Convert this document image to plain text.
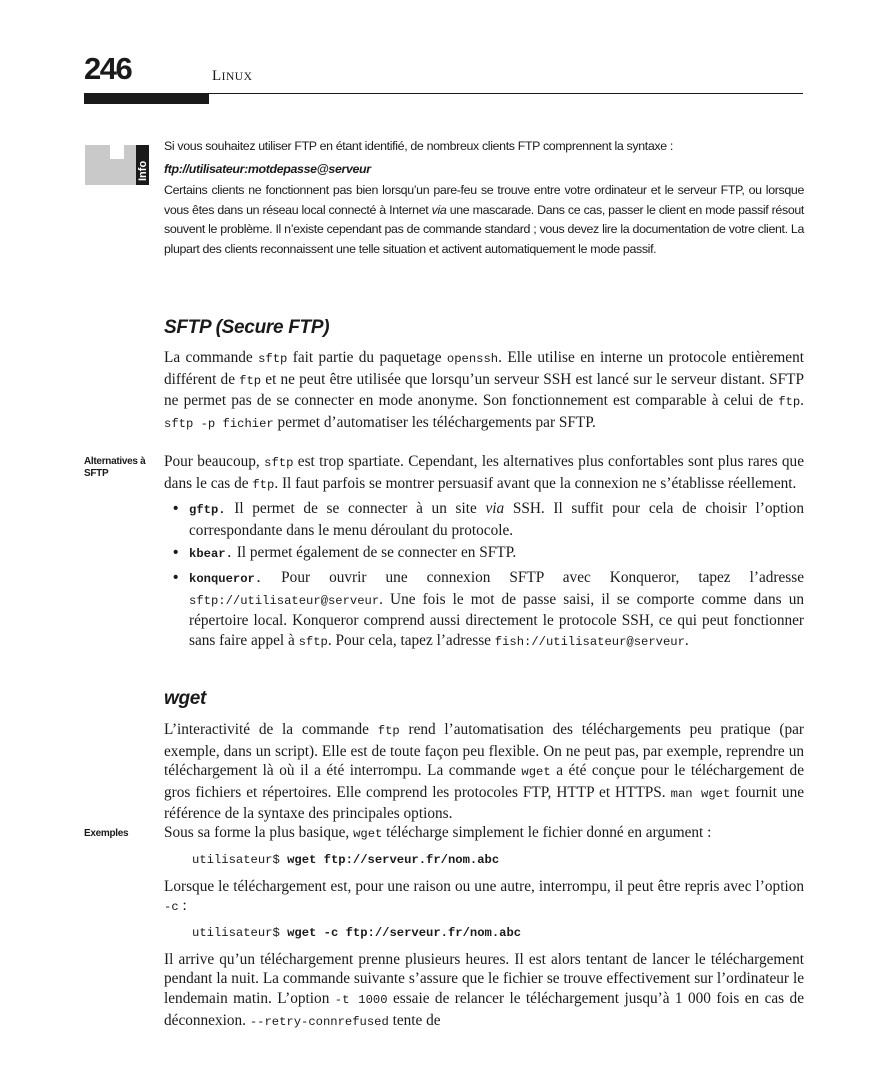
246	LINUX
Info

Si vous souhaitez utiliser FTP en étant identifié, de nombreux clients FTP comprennent la syntaxe :

ftp://utilisateur:motdepasse@serveur

Certains clients ne fonctionnent pas bien lorsqu’un pare-feu se trouve entre votre ordinateur et le serveur FTP, ou lorsque vous êtes dans un réseau local connecté à Internet via une mascarade. Dans ce cas, passer le client en mode passif résout souvent le problème. Il n’existe cependant pas de commande standard ; vous devez lire la documentation de votre client. La plupart des clients reconnaissent une telle situation et activent automatiquement le mode passif.

SFTP (Secure FTP)

La commande sftp fait partie du paquetage openssh. Elle utilise en interne un protocole entièrement différent de ftp et ne peut être utilisée que lorsqu’un serveur SSH est lancé sur le serveur distant. SFTP ne permet pas de se connecter en mode anonyme. Son fonctionnement est comparable à celui de ftp. sftp -p fichier permet d’automatiser les téléchargements par SFTP.

Alternatives à SFTP

Pour beaucoup, sftp est trop spartiate. Cependant, les alternatives plus confortables sont plus rares que dans le cas de ftp. Il faut parfois se montrer persuasif avant que la connexion ne s’établisse réellement.

• gftp. Il permet de se connecter à un site via SSH. Il suffit pour cela de choisir l’option correspondante dans le menu déroulant du protocole.
• kbear. Il permet également de se connecter en SFTP.
• konqueror. Pour ouvrir une connexion SFTP avec Konqueror, tapez l’adresse sftp://utilisateur@serveur. Une fois le mot de passe saisi, il se comporte comme dans un répertoire local. Konqueror comprend aussi directement le protocole SSH, ce qui peut fonctionner sans faire appel à sftp. Pour cela, tapez l’adresse fish://utilisateur@serveur.
wget

L’interactivité de la commande ftp rend l’automatisation des téléchargements peu pratique (par exemple, dans un script). Elle est de toute façon peu flexible. On ne peut pas, par exemple, reprendre un téléchargement là où il a été interrompu. La commande wget a été conçue pour le téléchargement de gros fichiers et répertoires. Elle comprend les protocoles FTP, HTTP et HTTPS. man wget fournit une référence de la syntaxe des principales options.

Exemples	Sous sa forme la plus basique, wget télécharge simplement le fichier donné en argument :

utilisateur$ wget ftp://serveur.fr/nom.abc

Lorsque le téléchargement est, pour une raison ou une autre, interrompu, il peut être repris avec l’option -c :

utilisateur$ wget -c ftp://serveur.fr/nom.abc

Il arrive qu’un téléchargement prenne plusieurs heures. Il est alors tentant de lancer le téléchargement pendant la nuit. La commande suivante s’assure que le fichier se trouve effectivement sur l’ordinateur le lendemain matin. L’option -t 1000 essaie de relancer le téléchargement jusqu’à 1 000 fois en cas de déconnexion. --retry-connrefused tente de
